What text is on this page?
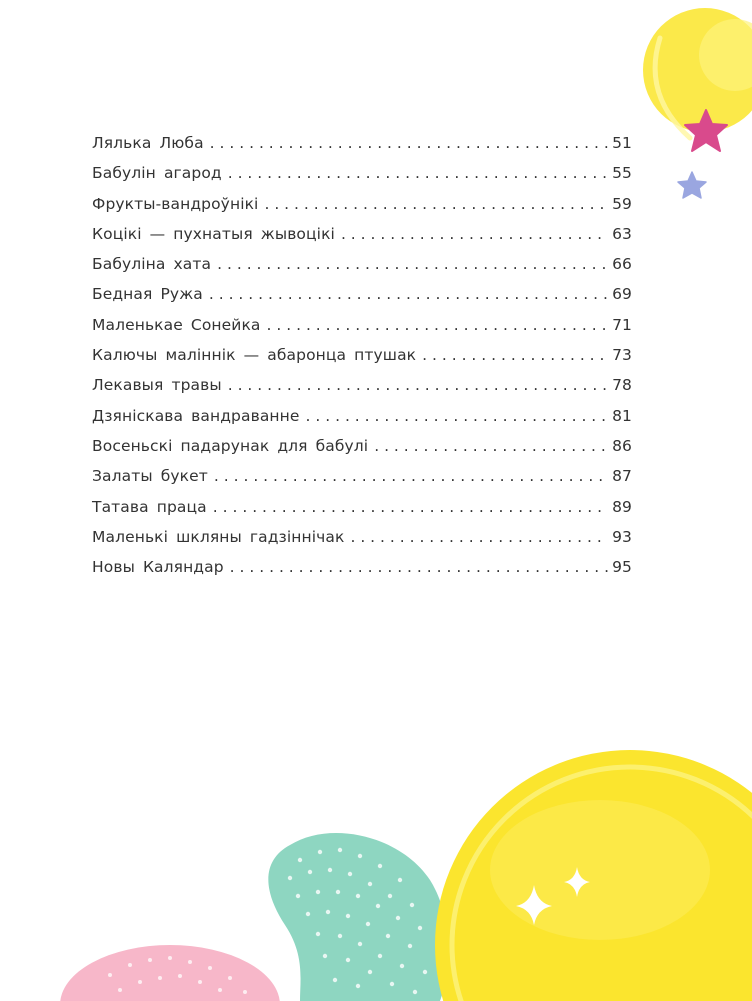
Лялька Люба . . .	51
Бабулін агарод . . .	55
Фрукты-вандроўнікі . . .	59
Коцікі — пухнатыя жывоцікі . . .	63
Бабуліна хата . . .	66
Бедная Ружа . . .	69
Маленькае Сонейка . . .	71
Калючы маліннік — абаронца птушак . . .	73
Лекавыя травы . . .	78
Дзяніскава вандраванне . . .	81
Восеньскі падарунак для бабулі . . .	86
Залаты букет . . .	87
Татава праца . . .	89
Маленькі шкляны гадзіннічак . . .	93
Новы Каляндар . . .	95
